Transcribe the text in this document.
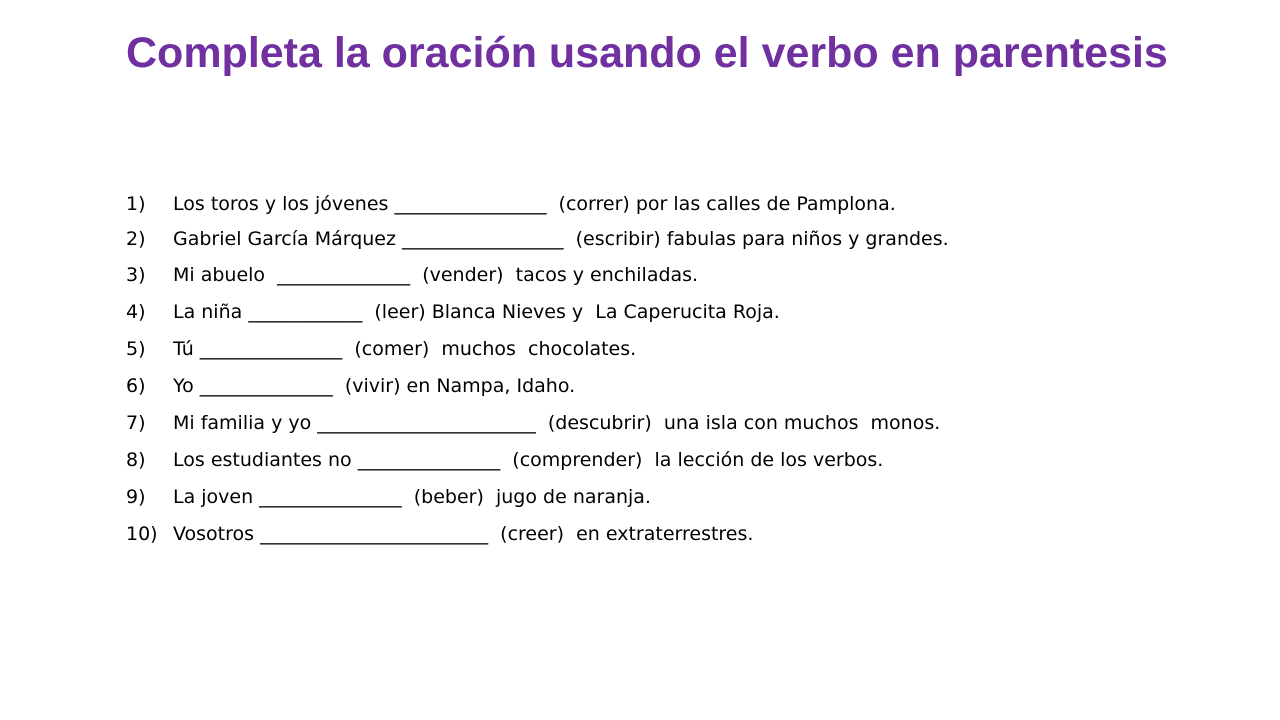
Completa la oración usando el verbo en parentesis
1)	Los toros y los jóvenes ________________  (correr) por las calles de Pamplona.
2)	Gabriel García Márquez _________________  (escribir) fabulas para niños y grandes.
3)	Mi abuelo  ______________  (vender)  tacos y enchiladas.
4)	La niña ____________  (leer) Blanca Nieves y  La Caperucita Roja.
5)	Tú _______________  (comer)  muchos  chocolates.
6)	Yo ______________  (vivir) en Nampa, Idaho.
7)	Mi familia y yo _______________________  (descubrir)  una isla con muchos  monos.
8)	Los estudiantes no _______________  (comprender)  la lección de los verbos.
9)	La joven _______________  (beber)  jugo de naranja.
10) Vosotros ________________________  (creer)  en extraterrestres.
